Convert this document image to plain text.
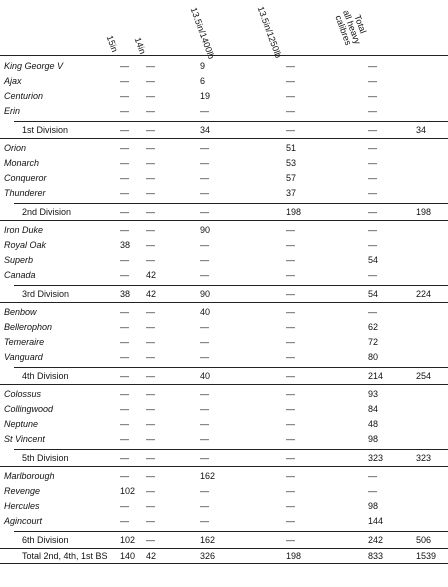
15in 14in	13.5in/1400lb	13.5in/1250lb	Total
all heavy
calibres
King George V	— —	9	—	—
Ajax	— —	6	—	—
Centurion	— —	19	—	—
Erin	— —	—	—	—
1st Division	— —	34	—	—	34
Orion	— —	—	51	—
Monarch	— —	—	53	—
Conqueror	— —	—	57	—
Thunderer	— —	—	37	—
2nd Division	— —	—	198	—	198
Iron Duke	— —	90	—	—
Royal Oak	38 —	—	—	—
Superb	— —	—	—	54
Canada	— 42	—	—	—
3rd Division	38 42	90	—	54	224
Benbow	— —	40	—	—
Bellerophon	— —	—	—	62
Temeraire	— —	—	—	72
Vanguard	— —	—	—	80
4th Division	— —	40	—	214	254
Colossus	— —	—	—	93
Collingwood	— —	—	—	84
Neptune	— —	—	—	48
St Vincent	— —	—	—	98
5th Division	— —	—	—	323	323
Marlborough	— —	162	—	—
Revenge	102 —	—	—	—
Hercules	— —	—	—	98
Agincourt	— —	—	—	144
6th Division	102 —	162	—	242	506
Total 2nd, 4th, 1st BS 140 42	326	198	833	1539
